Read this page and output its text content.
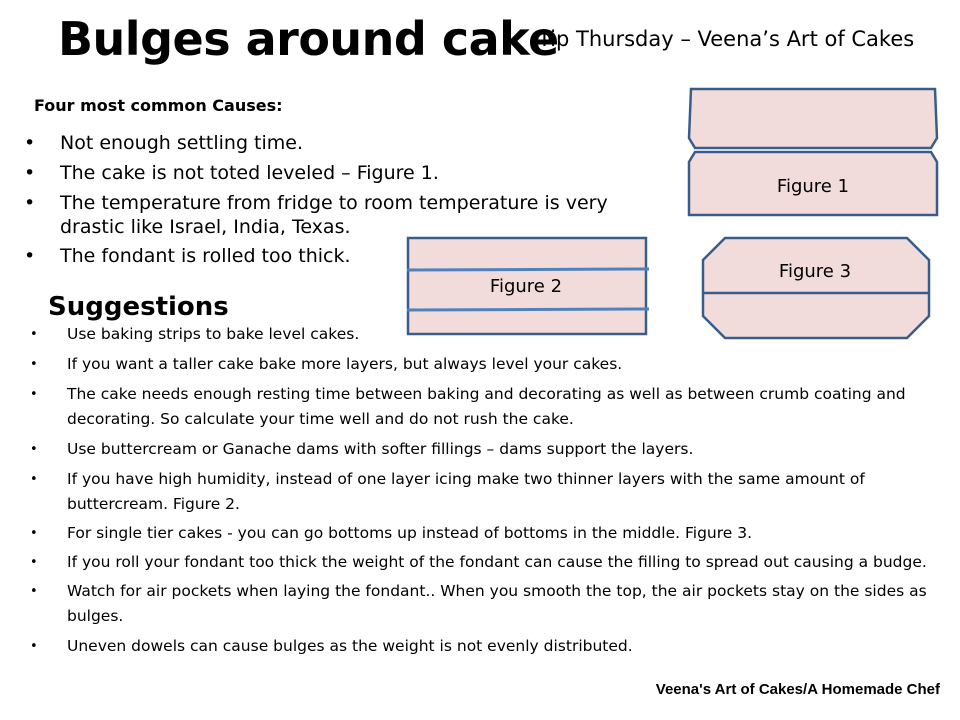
Bulges around cake
Tip Thursday – Veena’s Art of Cakes
Four most common Causes:
• Not enough settling time.
• The cake is not toted leveled – Figure 1.
• The temperature from fridge to room temperature is very drastic like Israel, India, Texas.
• The fondant is rolled too thick.
Figure 1
Figure 2
Figure 3
Suggestions
• Use baking strips to bake level cakes.
• If you want a taller cake bake more layers, but always level your cakes.
• The cake needs enough resting time between baking and decorating as well as between crumb coating and decorating. So calculate your time well and do not rush the cake.
• Use buttercream or Ganache dams with softer fillings – dams support the layers.
• If you have high humidity, instead of one layer icing make two thinner layers with the same amount of buttercream. Figure 2.
• For single tier cakes - you can go bottoms up instead of bottoms in the middle. Figure 3.
• If you roll your fondant too thick the weight of the fondant can cause the filling to spread out causing a budge.
• Watch for air pockets when laying the fondant.. When you smooth the top, the air pockets stay on the sides as bulges.
• Uneven dowels can cause bulges as the weight is not evenly distributed.
Veena's Art of Cakes/A Homemade Chef
